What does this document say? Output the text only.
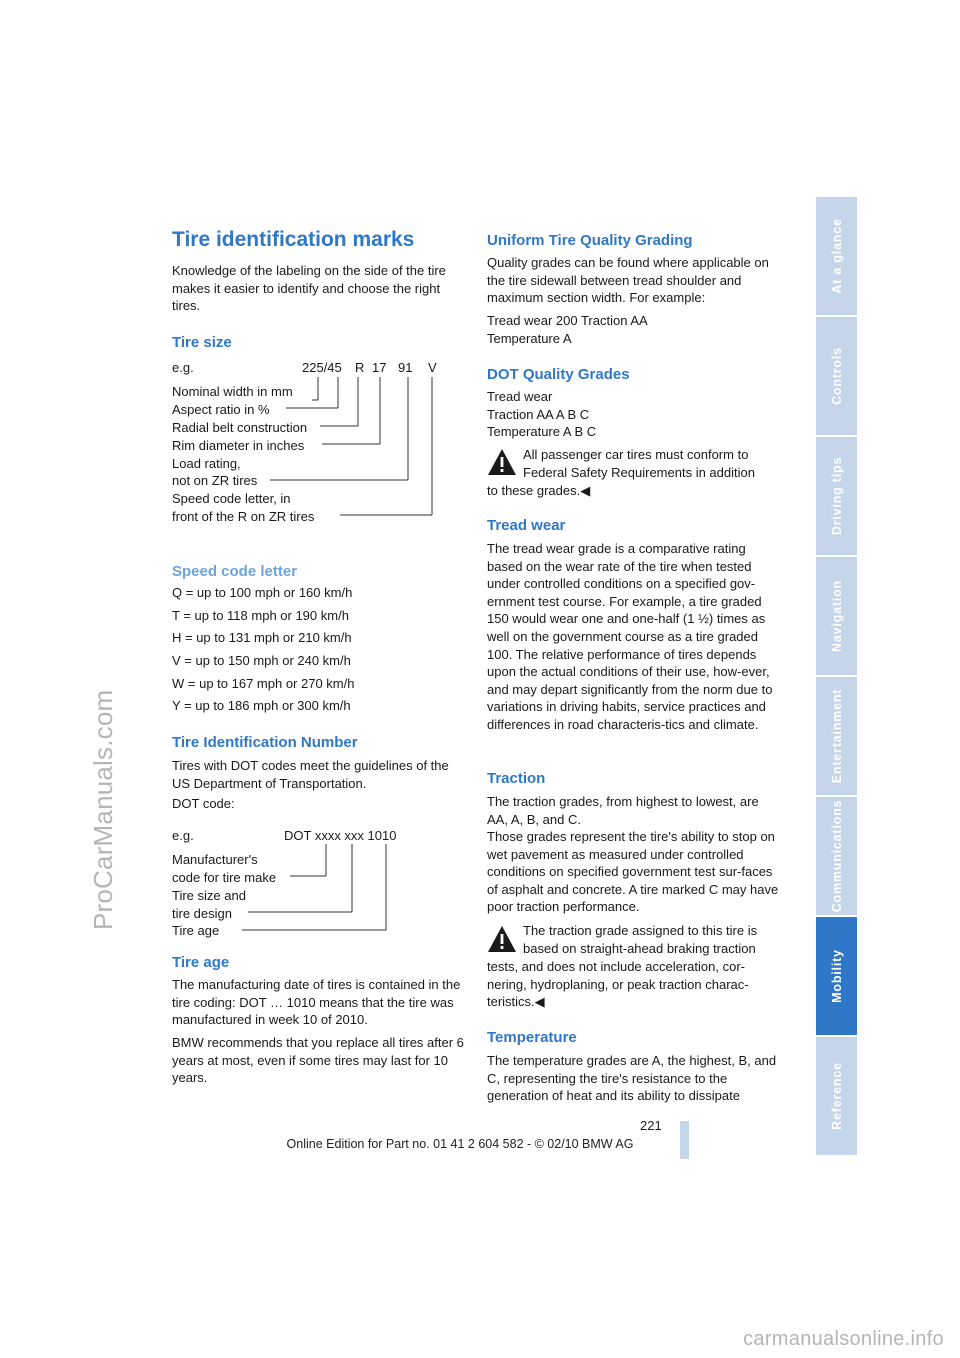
ProCarManuals.com
Tire identification marks

Knowledge of the labeling on the side of the tire makes it easier to identify and choose the right tires.

Tire size
e.g.	225/45 R 17 91 V
Nominal width in mm
Aspect ratio in %
Radial belt construction
Rim diameter in inches
Load rating,
not on ZR tires
Speed code letter, in
front of the R on ZR tires
Speed code letter
Q = up to 100 mph or 160 km/h
T = up to 118 mph or 190 km/h
H = up to 131 mph or 210 km/h
V = up to 150 mph or 240 km/h
W = up to 167 mph or 270 km/h
Y = up to 186 mph or 300 km/h
Tire Identification Number

Tires with DOT codes meet the guidelines of the US Department of Transportation.

DOT code:
e.g.	DOT xxxx xxx 1010
Manufacturer's
code for tire make
Tire size and
tire design
Tire age
Tire age

The manufacturing date of tires is contained in the tire coding: DOT … 1010 means that the tire was manufactured in week 10 of 2010.

BMW recommends that you replace all tires after 6 years at most, even if some tires may last for 10 years.

Uniform Tire Quality Grading

Quality grades can be found where applicable on the tire sidewall between tread shoulder and maximum section width. For example:

Tread wear 200 Traction AA
Temperature A
DOT Quality Grades
Tread wear
Traction AA A B C
Temperature A B C
All passenger car tires must conform to
Federal Safety Requirements in addition
to these grades.◀
Tread wear

The tread wear grade is a comparative rating based on the wear rate of the tire when tested under controlled conditions on a specified gov-ernment test course. For example, a tire graded 150 would wear one and one-half (1 ½) times as well on the government course as a tire graded 100. The relative performance of tires depends upon the actual conditions of their use, how-ever, and may depart significantly from the norm due to variations in driving habits, service practices and differences in road characteris-tics and climate.

Traction

The traction grades, from highest to lowest, are AA, A, B, and C.

Those grades represent the tire's ability to stop on wet pavement as measured under controlled conditions on specified government test sur-faces of asphalt and concrete. A tire marked C may have poor traction performance.

The traction grade assigned to this tire is
based on straight-ahead braking traction

tests, and does not include acceleration, cor-nering, hydroplaning, or peak traction charac-teristics.◀

Temperature

The temperature grades are A, the highest, B, and C, representing the tire's resistance to the generation of heat and its ability to dissipate

At a glance
Controls
Driving tips
Navigation
Entertainment
Communications
Mobility
Reference
221
Online Edition for Part no. 01 41 2 604 582 - © 02/10 BMW AG
carmanualsonline.info
